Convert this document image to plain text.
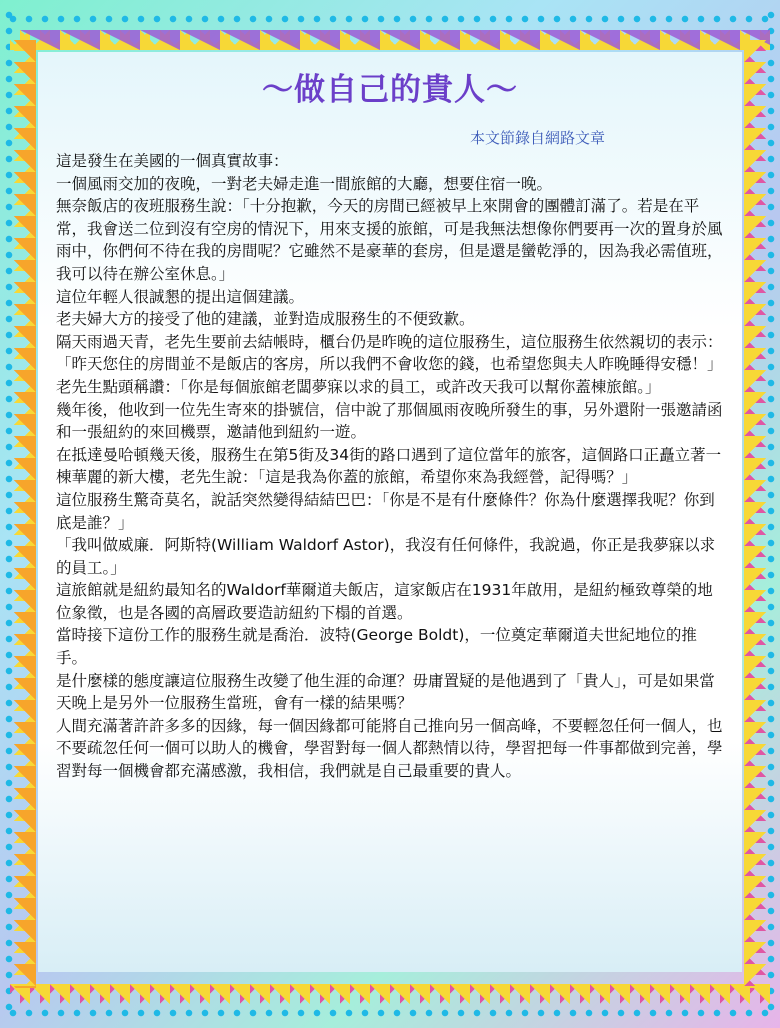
～做自己的貴人～
本文節錄自網路文章

這是發生在美國的一個真實故事：

一個風雨交加的夜晚，一對老夫婦走進一間旅館的大廳，想要住宿一晚。

無奈飯店的夜班服務生說：「十分抱歉，今天的房間已經被早上來開會的團體訂滿了。若是在平常，我會送二位到沒有空房的情況下，用來支援的旅館，可是我無法想像你們要再一次的置身於風雨中，你們何不待在我的房間呢？它雖然不是豪華的套房，但是還是蠻乾淨的，因為我必需值班，我可以待在辦公室休息。」

這位年輕人很誠懇的提出這個建議。

老夫婦大方的接受了他的建議，並對造成服務生的不便致歉。

隔天雨過天青，老先生要前去結帳時，櫃台仍是昨晚的這位服務生，這位服務生依然親切的表示：「昨天您住的房間並不是飯店的客房，所以我們不會收您的錢，也希望您與夫人昨晚睡得安穩！」

老先生點頭稱讚：「你是每個旅館老闆夢寐以求的員工，或許改天我可以幫你蓋棟旅館。」

幾年後，他收到一位先生寄來的掛號信，信中說了那個風雨夜晚所發生的事，另外還附一張邀請函和一張紐約的來回機票，邀請他到紐約一遊。

在抵達曼哈頓幾天後，服務生在第5街及34街的路口遇到了這位當年的旅客，這個路口正矗立著一棟華麗的新大樓，老先生說：「這是我為你蓋的旅館，希望你來為我經營，記得嗎？」

這位服務生驚奇莫名，說話突然變得結結巴巴：「你是不是有什麼條件？你為什麼選擇我呢？你到底是誰？」

「我叫做威廉．阿斯特(William Waldorf Astor)，我沒有任何條件，我說過，你正是我夢寐以求的員工。」

這旅館就是紐約最知名的Waldorf華爾道夫飯店，這家飯店在1931年啟用，是紐約極致尊榮的地位象徵，也是各國的高層政要造訪紐約下榻的首選。

當時接下這份工作的服務生就是喬治．波特(George Boldt)，一位奠定華爾道夫世紀地位的推手。

是什麼樣的態度讓這位服務生改變了他生涯的命運？毋庸置疑的是他遇到了「貴人」，可是如果當天晚上是另外一位服務生當班，會有一樣的結果嗎？

人間充滿著許許多多的因緣，每一個因緣都可能將自己推向另一個高峰，不要輕忽任何一個人，也不要疏忽任何一個可以助人的機會，學習對每一個人都熱情以待，學習把每一件事都做到完善，學習對每一個機會都充滿感激，我相信，我們就是自己最重要的貴人。
